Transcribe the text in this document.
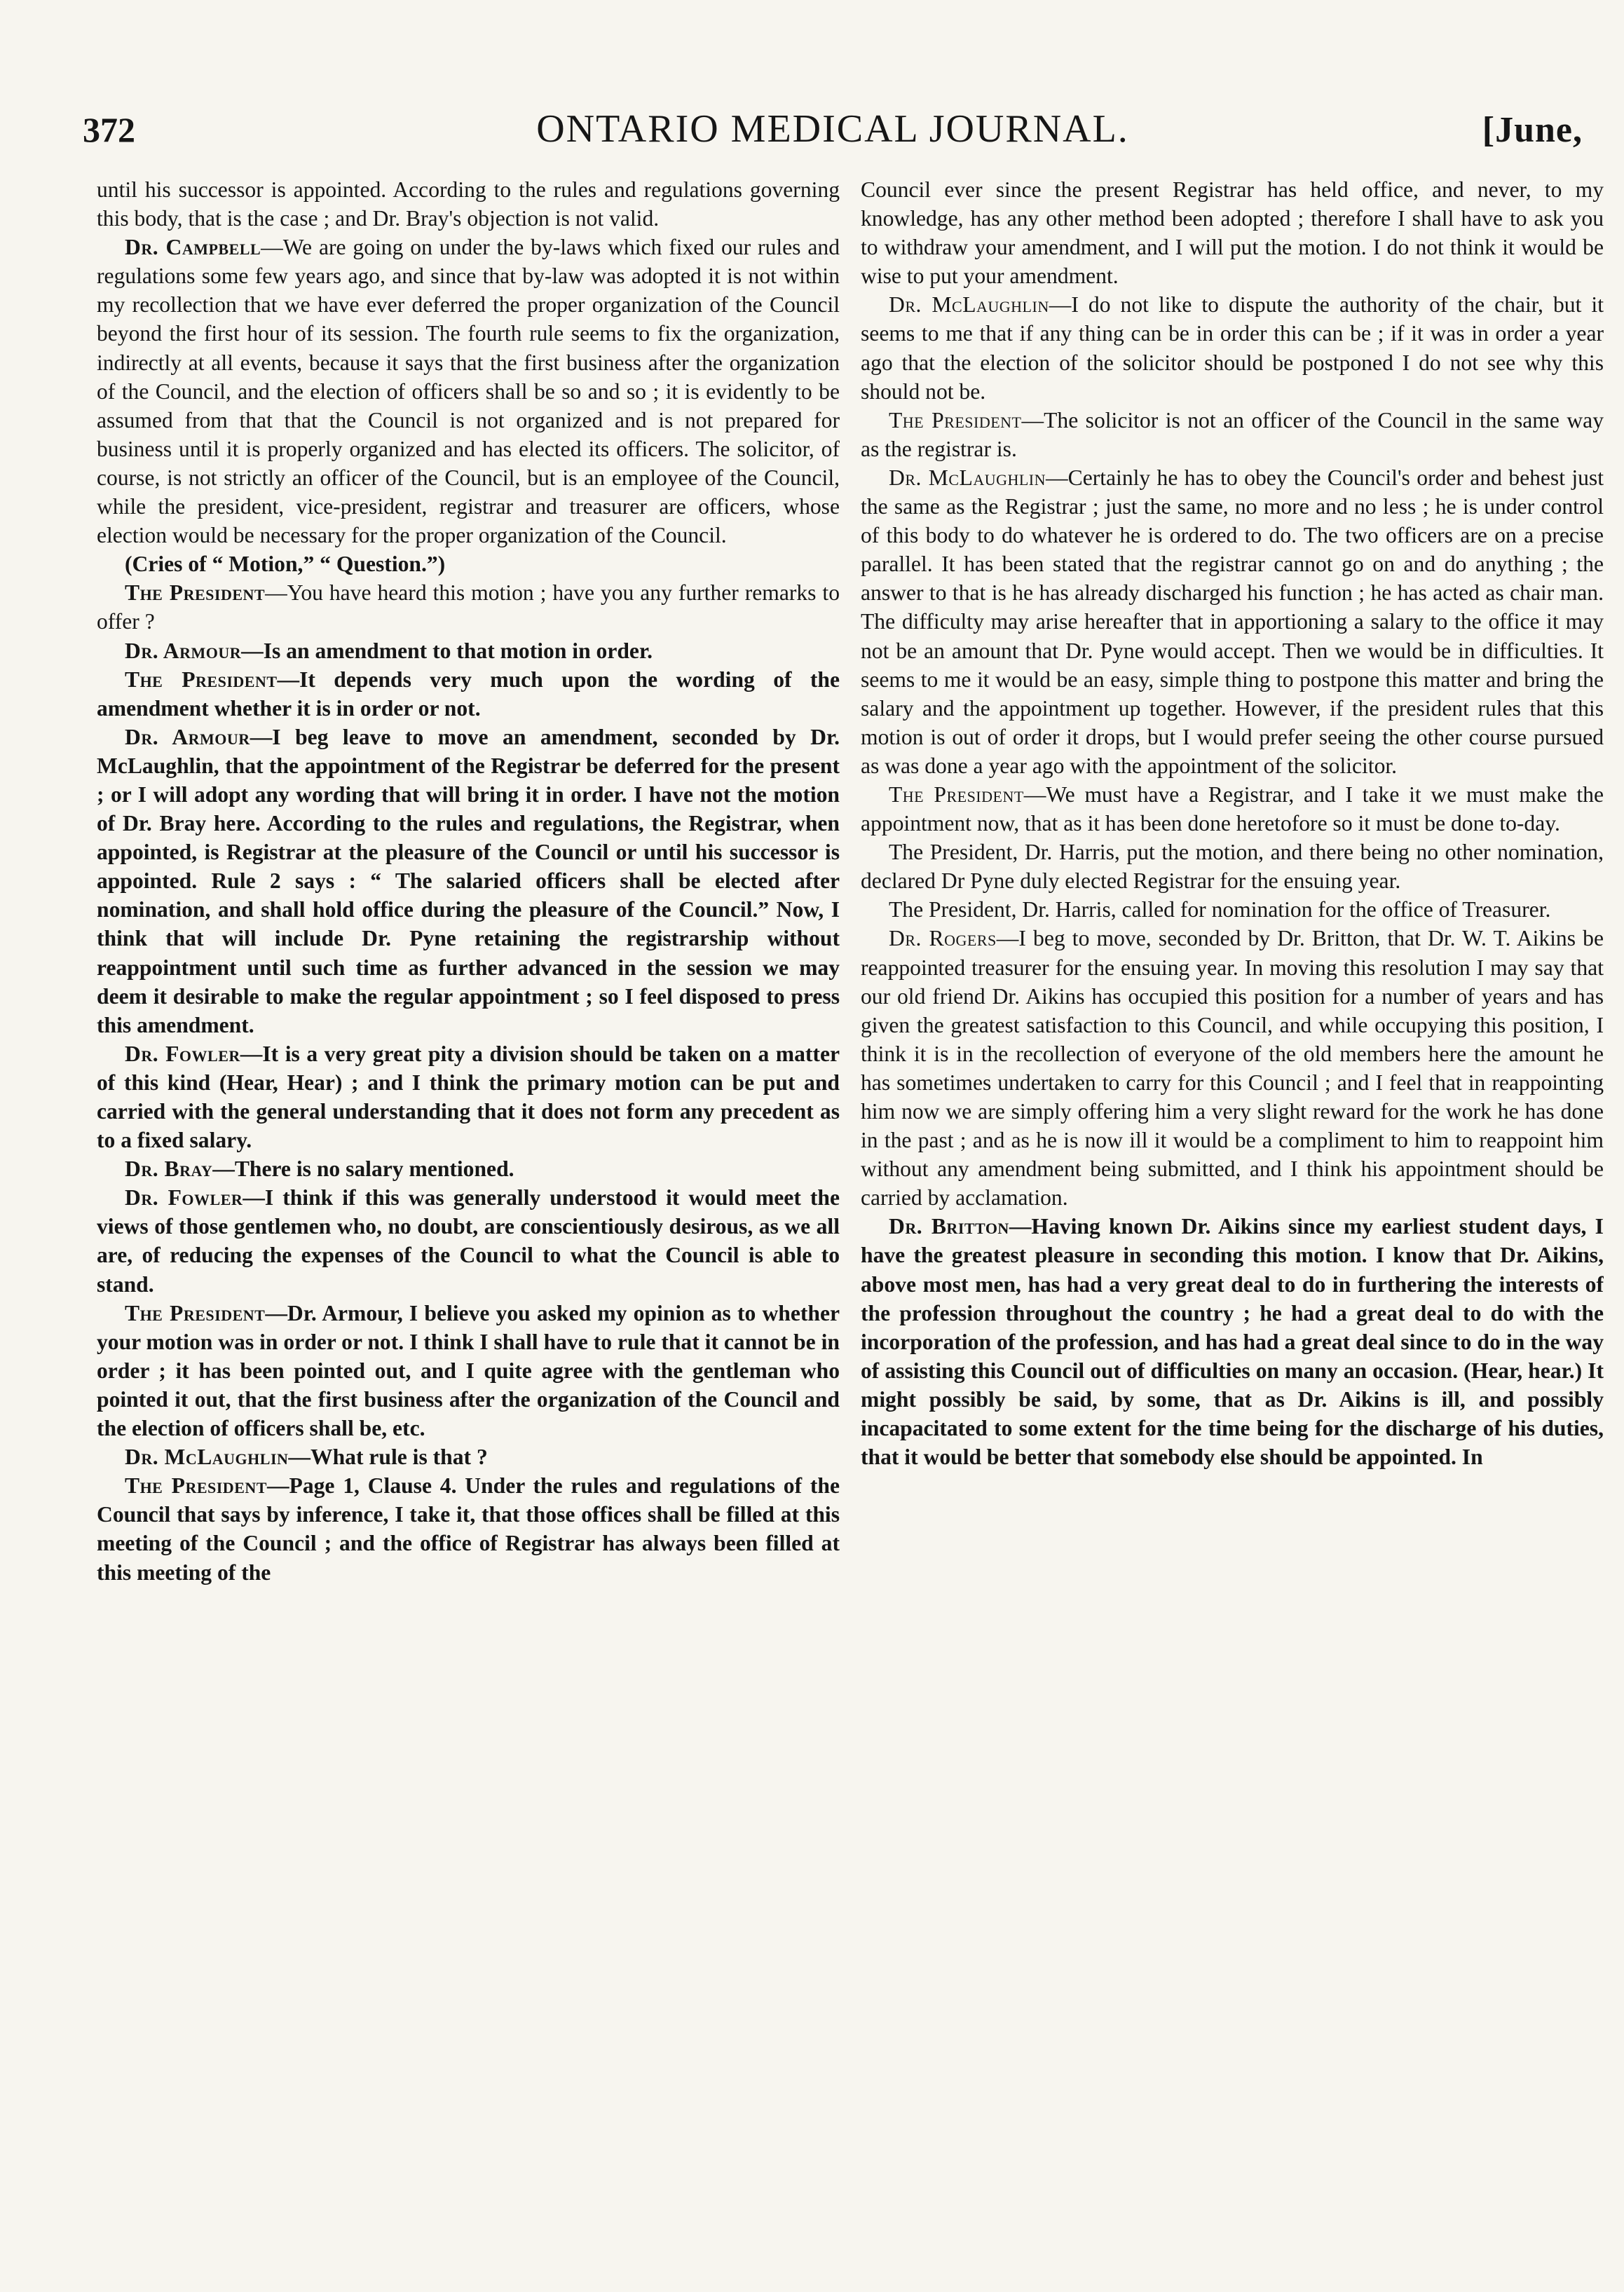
372	ONTARIO MEDICAL JOURNAL.	[June,

until his successor is appointed. According to the rules and regulations governing this body, that is the case ; and Dr. Bray's objection is not valid.

Dr. Campbell—We are going on under the by-laws which fixed our rules and regulations some few years ago, and since that by-law was adopted it is not within my recollection that we have ever deferred the proper organization of the Council beyond the first hour of its session. The fourth rule seems to fix the organization, indirectly at all events, because it says that the first business after the organization of the Council, and the election of officers shall be so and so ; it is evidently to be assumed from that that the Council is not organized and is not prepared for business until it is properly organized and has elected its officers. The solicitor, of course, is not strictly an officer of the Council, but is an employee of the Council, while the president, vice-president, registrar and treasurer are officers, whose election would be necessary for the proper organization of the Council.

(Cries of “ Motion,” “ Question.”)

The President—You have heard this motion ; have you any further remarks to offer ?

Dr. Armour—Is an amendment to that motion in order.

The President—It depends very much upon the wording of the amendment whether it is in order or not.

Dr. Armour—I beg leave to move an amendment, seconded by Dr. McLaughlin, that the appointment of the Registrar be deferred for the present ; or I will adopt any wording that will bring it in order. I have not the motion of Dr. Bray here. According to the rules and regulations, the Registrar, when appointed, is Registrar at the pleasure of the Council or until his successor is appointed. Rule 2 says : “ The salaried officers shall be elected after nomination, and shall hold office during the pleasure of the Council.” Now, I think that will include Dr. Pyne retaining the registrarship without reappointment until such time as further advanced in the session we may deem it desirable to make the regular appointment ; so I feel disposed to press this amendment.

Dr. Fowler—It is a very great pity a division should be taken on a matter of this kind (Hear, Hear) ; and I think the primary motion can be put and carried with the general understanding that it does not form any precedent as to a fixed salary.

Dr. Bray—There is no salary mentioned.

Dr. Fowler—I think if this was generally understood it would meet the views of those gentlemen who, no doubt, are conscientiously desirous, as we all are, of reducing the expenses of the Council to what the Council is able to stand.

The President—Dr. Armour, I believe you asked my opinion as to whether your motion was in order or not. I think I shall have to rule that it cannot be in order ; it has been pointed out, and I quite agree with the gentleman who pointed it out, that the first business after the organization of the Council and the election of officers shall be, etc.

Dr. McLaughlin—What rule is that ?

The President—Page 1, Clause 4. Under the rules and regulations of the Council that says by inference, I take it, that those offices shall be filled at this meeting of the Council ; and the office of Registrar has always been filled at this meeting of the

Council ever since the present Registrar has held office, and never, to my knowledge, has any other method been adopted ; therefore I shall have to ask you to withdraw your amendment, and I will put the motion. I do not think it would be wise to put your amendment.

Dr. McLaughlin—I do not like to dispute the authority of the chair, but it seems to me that if any thing can be in order this can be ; if it was in order a year ago that the election of the solicitor should be postponed I do not see why this should not be.

The President—The solicitor is not an officer of the Council in the same way as the registrar is.

Dr. McLaughlin—Certainly he has to obey the Council's order and behest just the same as the Registrar ; just the same, no more and no less ; he is under control of this body to do whatever he is ordered to do. The two officers are on a precise parallel. It has been stated that the registrar cannot go on and do anything ; the answer to that is he has already discharged his function ; he has acted as chair man. The difficulty may arise hereafter that in apportioning a salary to the office it may not be an amount that Dr. Pyne would accept. Then we would be in difficulties. It seems to me it would be an easy, simple thing to postpone this matter and bring the salary and the appointment up together. However, if the president rules that this motion is out of order it drops, but I would prefer seeing the other course pursued as was done a year ago with the appointment of the solicitor.

The President—We must have a Registrar, and I take it we must make the appointment now, that as it has been done heretofore so it must be done to-day.

The President, Dr. Harris, put the motion, and there being no other nomination, declared Dr Pyne duly elected Registrar for the ensuing year.

The President, Dr. Harris, called for nomination for the office of Treasurer.

Dr. Rogers—I beg to move, seconded by Dr. Britton, that Dr. W. T. Aikins be reappointed treasurer for the ensuing year. In moving this resolution I may say that our old friend Dr. Aikins has occupied this position for a number of years and has given the greatest satisfaction to this Council, and while occupying this position, I think it is in the recollection of everyone of the old members here the amount he has sometimes undertaken to carry for this Council ; and I feel that in reappointing him now we are simply offering him a very slight reward for the work he has done in the past ; and as he is now ill it would be a compliment to him to reappoint him without any amendment being submitted, and I think his appointment should be carried by acclamation.

Dr. Britton—Having known Dr. Aikins since my earliest student days, I have the greatest pleasure in seconding this motion. I know that Dr. Aikins, above most men, has had a very great deal to do in furthering the interests of the profession throughout the country ; he had a great deal to do with the incorporation of the profession, and has had a great deal since to do in the way of assisting this Council out of difficulties on many an occasion. (Hear, hear.) It might possibly be said, by some, that as Dr. Aikins is ill, and possibly incapacitated to some extent for the time being for the discharge of his duties, that it would be better that somebody else should be appointed. In
